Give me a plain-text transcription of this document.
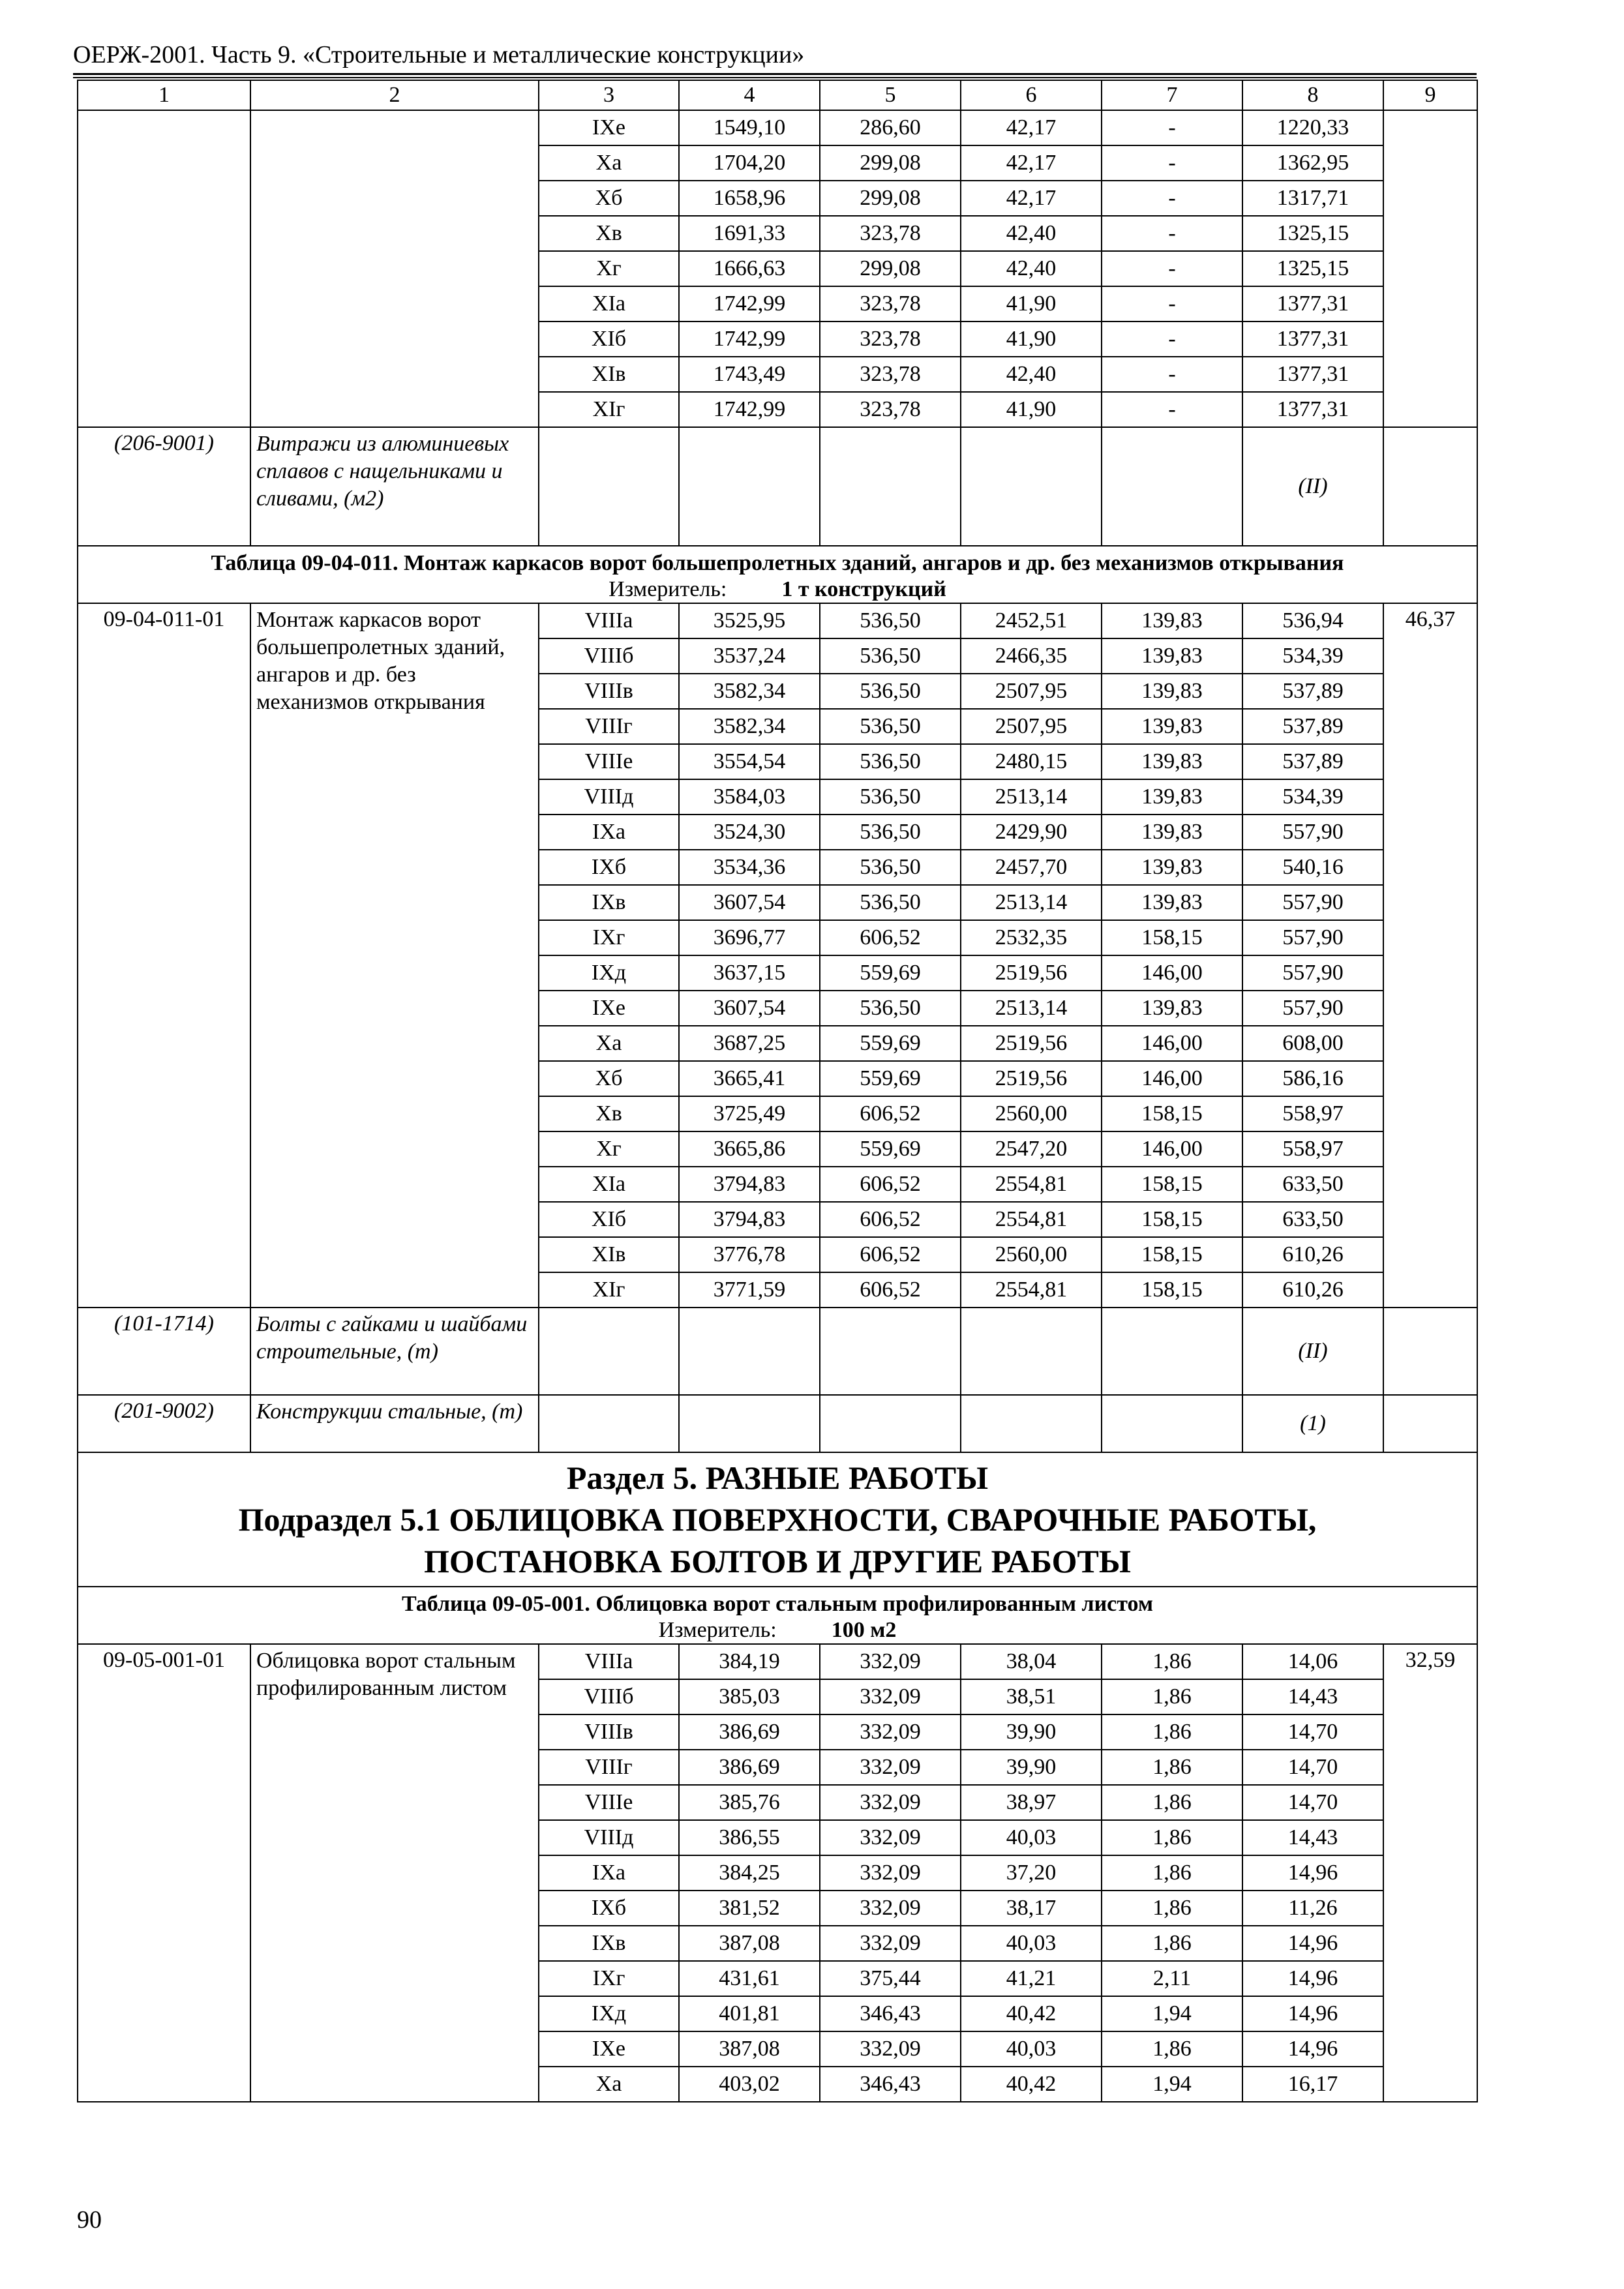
ОЕРЖ-2001. Часть 9. «Строительные и металлические конструкции»
1	2	3	4	5	6	7	8	9
		IXе	1549,10	286,60	42,17	-	1220,33	
		Xа	1704,20	299,08	42,17	-	1362,95	
		Xб	1658,96	299,08	42,17	-	1317,71	
		Xв	1691,33	323,78	42,40	-	1325,15	
		Xг	1666,63	299,08	42,40	-	1325,15	
		XIа	1742,99	323,78	41,90	-	1377,31	
		XIб	1742,99	323,78	41,90	-	1377,31	
		XIв	1743,49	323,78	42,40	-	1377,31	
		XIг	1742,99	323,78	41,90	-	1377,31	
(206-9001)	Витражи из алюминиевых сплавов с нащельниками и сливами, (м2)						(II)	
Таблица 09-04-011. Монтаж каркасов ворот большепролетных зданий, ангаров и др. без механизмов открывания								
Измеритель: 1 т конструкций								
09-04-011-01	Монтаж каркасов ворот большепролетных зданий, ангаров и др. без механизмов открывания	VIIIа	3525,95	536,50	2452,51	139,83	536,94	46,37
		VIIIб	3537,24	536,50	2466,35	139,83	534,39	
		VIIIв	3582,34	536,50	2507,95	139,83	537,89	
		VIIIг	3582,34	536,50	2507,95	139,83	537,89	
		VIIIе	3554,54	536,50	2480,15	139,83	537,89	
		VIIIд	3584,03	536,50	2513,14	139,83	534,39	
		IXа	3524,30	536,50	2429,90	139,83	557,90	
		IXб	3534,36	536,50	2457,70	139,83	540,16	
		IXв	3607,54	536,50	2513,14	139,83	557,90	
		IXг	3696,77	606,52	2532,35	158,15	557,90	
		IXд	3637,15	559,69	2519,56	146,00	557,90	
		IXе	3607,54	536,50	2513,14	139,83	557,90	
		Xа	3687,25	559,69	2519,56	146,00	608,00	
		Xб	3665,41	559,69	2519,56	146,00	586,16	
		Xв	3725,49	606,52	2560,00	158,15	558,97	
		Xг	3665,86	559,69	2547,20	146,00	558,97	
		XIа	3794,83	606,52	2554,81	158,15	633,50	
		XIб	3794,83	606,52	2554,81	158,15	633,50	
		XIв	3776,78	606,52	2560,00	158,15	610,26	
		XIг	3771,59	606,52	2554,81	158,15	610,26	
(101-1714)	Болты с гайками и шайбами строительные, (т)						(II)	
(201-9002)	Конструкции стальные, (т)						(1)	

Раздел 5. РАЗНЫЕ РАБОТЫ
Подраздел 5.1 ОБЛИЦОВКА ПОВЕРХНОСТИ, СВАРОЧНЫЕ РАБОТЫ,
ПОСТАНОВКА БОЛТОВ И ДРУГИЕ РАБОТЫ								

Таблица 09-05-001. Облицовка ворот стальным профилированным листом								
Измеритель: 100 м2								
09-05-001-01	Облицовка ворот стальным профилированным листом	VIIIа	384,19	332,09	38,04	1,86	14,06	32,59
		VIIIб	385,03	332,09	38,51	1,86	14,43	
		VIIIв	386,69	332,09	39,90	1,86	14,70	
		VIIIг	386,69	332,09	39,90	1,86	14,70	
		VIIIе	385,76	332,09	38,97	1,86	14,70	
		VIIIд	386,55	332,09	40,03	1,86	14,43	
		IXа	384,25	332,09	37,20	1,86	14,96	
		IXб	381,52	332,09	38,17	1,86	11,26	
		IXв	387,08	332,09	40,03	1,86	14,96	
		IXг	431,61	375,44	41,21	2,11	14,96	
		IXд	401,81	346,43	40,42	1,94	14,96	
		IXе	387,08	332,09	40,03	1,86	14,96	
		Xа	403,02	346,43	40,42	1,94	16,17	
90
